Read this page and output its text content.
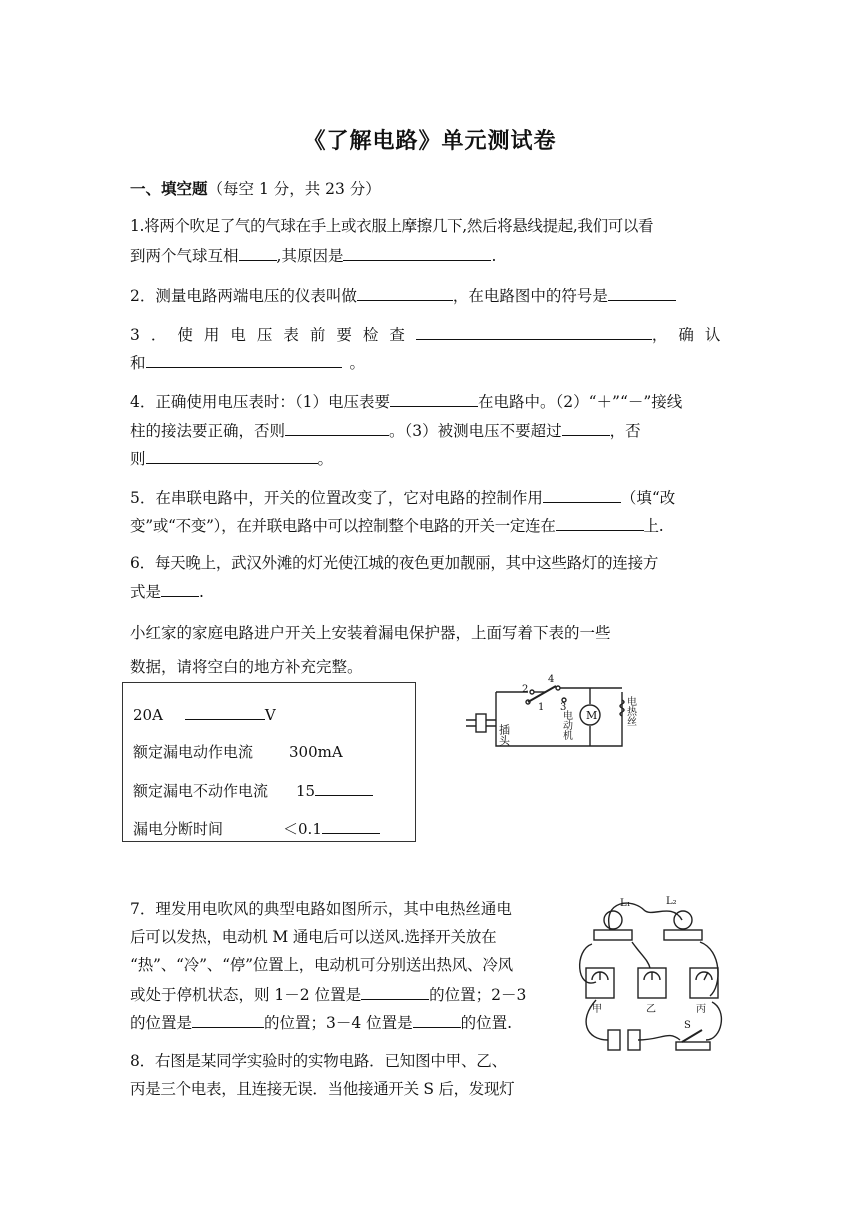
《了解电路》单元测试卷
一、填空题（每空 1 分，共 23 分）
1.将两个吹足了气的气球在手上或衣服上摩擦几下,然后将悬线提起,我们可以看
到两个气球互相 ,其原因是	.
2．测量电路两端电压的仪表叫做	，在电路图中的符号是
3．使用电压表前要检查	，确认
和	。
4．正确使用电压表时：（1）电压表要	在电路中。（2）“＋”“－”接线
柱的接法要正确，否则	。（3）被测电压不要超过	，否
则	。
5．在串联电路中，开关的位置改变了，它对电路的控制作用	（填“改
变”或“不变”），在并联电路中可以控制整个电路的开关一定连在	上.
6．每天晚上，武汉外滩的灯光使江城的夜色更加靓丽，其中这些路灯的连接方
式是 .
小红家的家庭电路进户开关上安装着漏电保护器，上面写着下表的一些
数据，请将空白的地方补充完整。
20A	V
额定漏电动作电流 300mA
额定漏电不动作电流 15
漏电分断时间	＜0.1
2
1
4
3
插头	电动机 M	电热丝
7．理发用电吹风的典型电路如图所示，其中电热丝通电
后可以发热，电动机 M 通电后可以送风.选择开关放在
“热”、“冷”、“停”位置上，电动机可分别送出热风、冷风
或处于停机状态，则 1－2 位置是	的位置；2－3
的位置是	的位置；3－4 位置是	的位置.
8．右图是某同学实验时的实物电路．已知图中甲、乙、
丙是三个电表，且连接无误．当他接通开关 S 后，发现灯
L₁	L₂
甲	乙	丙
S
